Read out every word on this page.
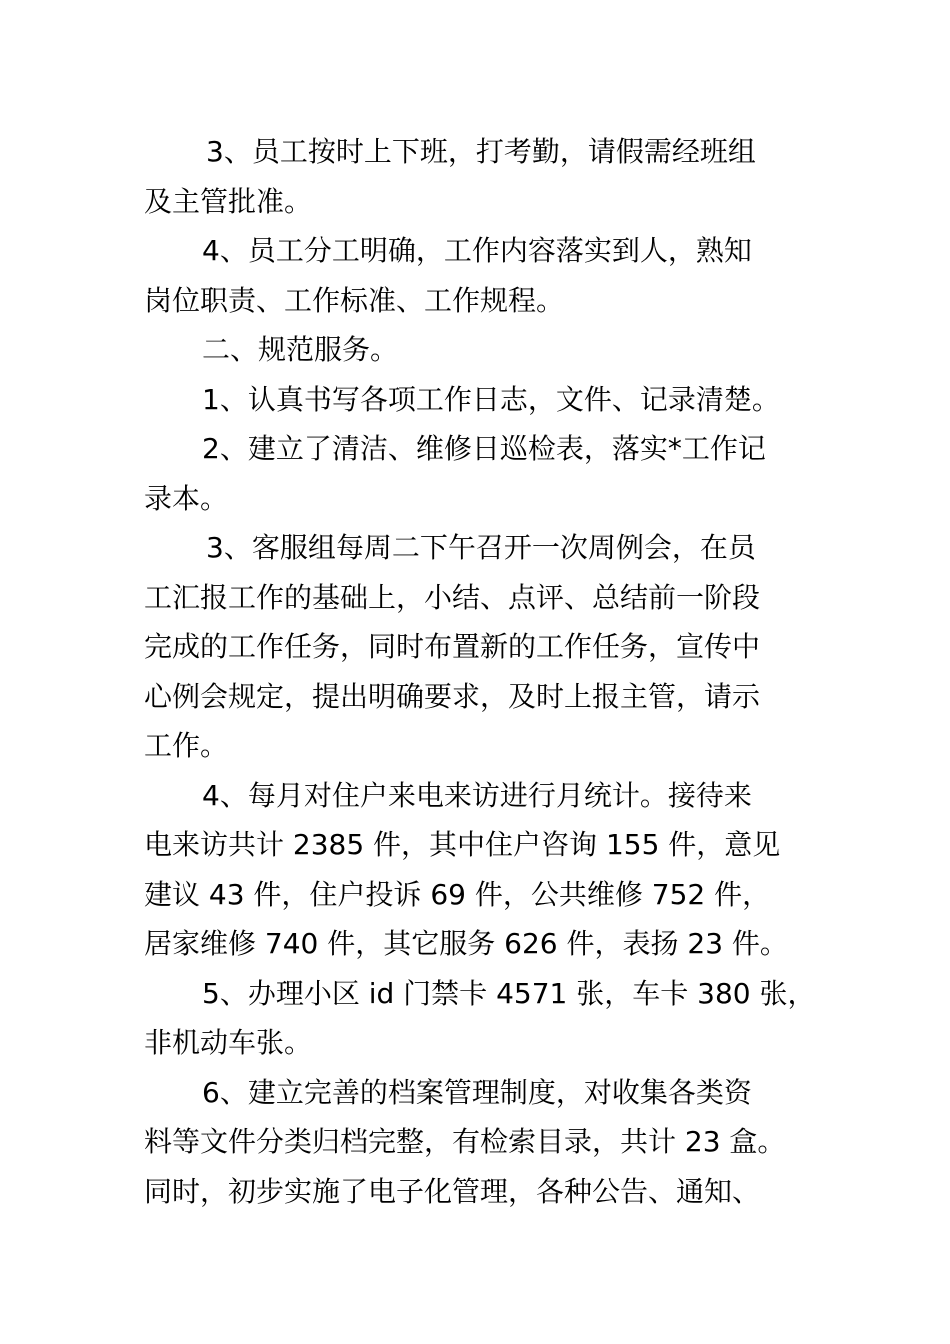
3、员工按时上下班，打考勤，请假需经班组
及主管批准。
4、员工分工明确，工作内容落实到人，熟知
岗位职责、工作标准、工作规程。
二、规范服务。
1、认真书写各项工作日志，文件、记录清楚。
2、建立了清洁、维修日巡检表，落实*工作记
录本。
3、客服组每周二下午召开一次周例会，在员
工汇报工作的基础上，小结、点评、总结前一阶段
完成的工作任务，同时布置新的工作任务，宣传中
心例会规定，提出明确要求，及时上报主管，请示
工作。
4、每月对住户来电来访进行月统计。接待来
电来访共计 2385 件，其中住户咨询 155 件，意见
建议 43 件，住户投诉 69 件，公共维修 752 件，
居家维修 740 件，其它服务 626 件，表扬 23 件。
5、办理小区 id 门禁卡 4571 张，车卡 380 张，
非机动车张。
6、建立完善的档案管理制度，对收集各类资
料等文件分类归档完整，有检索目录，共计 23 盒。
同时，初步实施了电子化管理，各种公告、通知、
